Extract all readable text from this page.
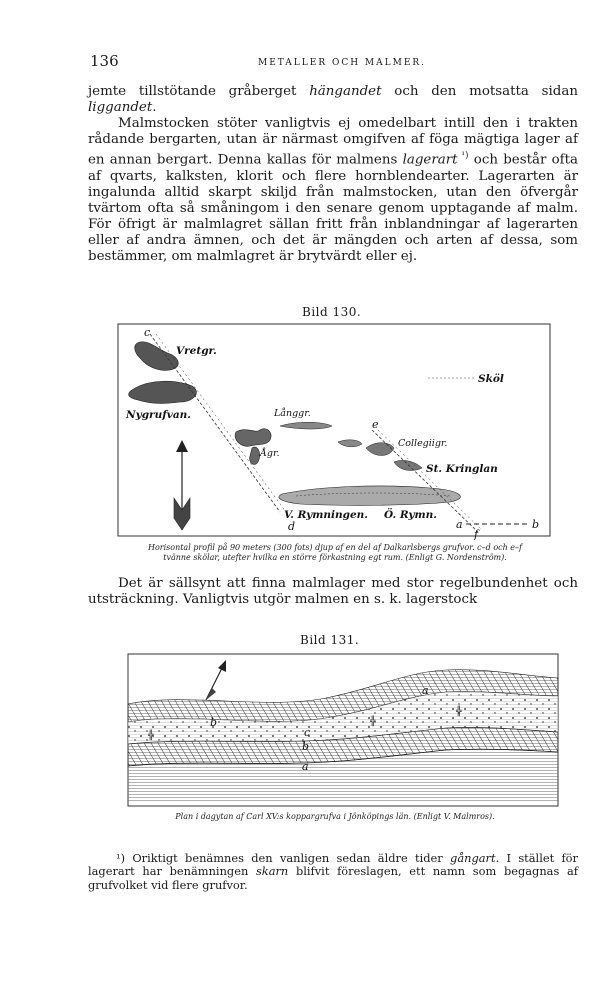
136	METALLER OCH MALMER.

jemte tillstötande gråberget hängandet och den motsatta sidan liggandet.

Malmstocken stöter vanligtvis ej omedelbart intill den i trakten rådande bergarten, utan är närmast omgifven af föga mägtiga lager af en annan bergart. Denna kallas för malmens lagerart $^{^1)}$ och består ofta af qvarts, kalksten, klorit och flere hornblendearter. Lagerarten är ingalunda alltid skarpt skiljd från malmstocken, utan den öfvergår tvärtom ofta så småningom i den senare genom upptagande af malm. För öfrigt är malmlagret sällan fritt från inblandningar af lagerarten eller af andra ämnen, och det är mängden och arten af dessa, som bestämmer, om malmlagret är brytvärdt eller ej.

Bild 130.
Vretgr.
Nygrufvan.	Långgr.
Ågr.
Collegiigr.
St. Kringlan
Sköl
V. Rymningen. Ö. Rymn.
c
e
d	a
f
b
Horisontal profil på 90 meters (300 fots) djup af en del af Dalkarlsbergs grufvor. c–d och e–f
tvänne skölar, utefter hvilka en större förkastning egt rum. (Enligt G. Nordenström).

Det är sällsynt att finna malmlager med stor regelbundenhet och utsträckning. Vanligtvis utgör malmen en s. k. lagerstock

Bild 131.
╬
╬
╬
b
a
c
b
a
Plan i dagytan af Carl XV:s koppargrufva i Jönköpings län. (Enligt V. Malmros).

¹) Oriktigt benämnes den vanligen sedan äldre tider gångart. I stället för lagerart har benämningen skarn blifvit föreslagen, ett namn som begagnas af grufvolket vid flere grufvor.
